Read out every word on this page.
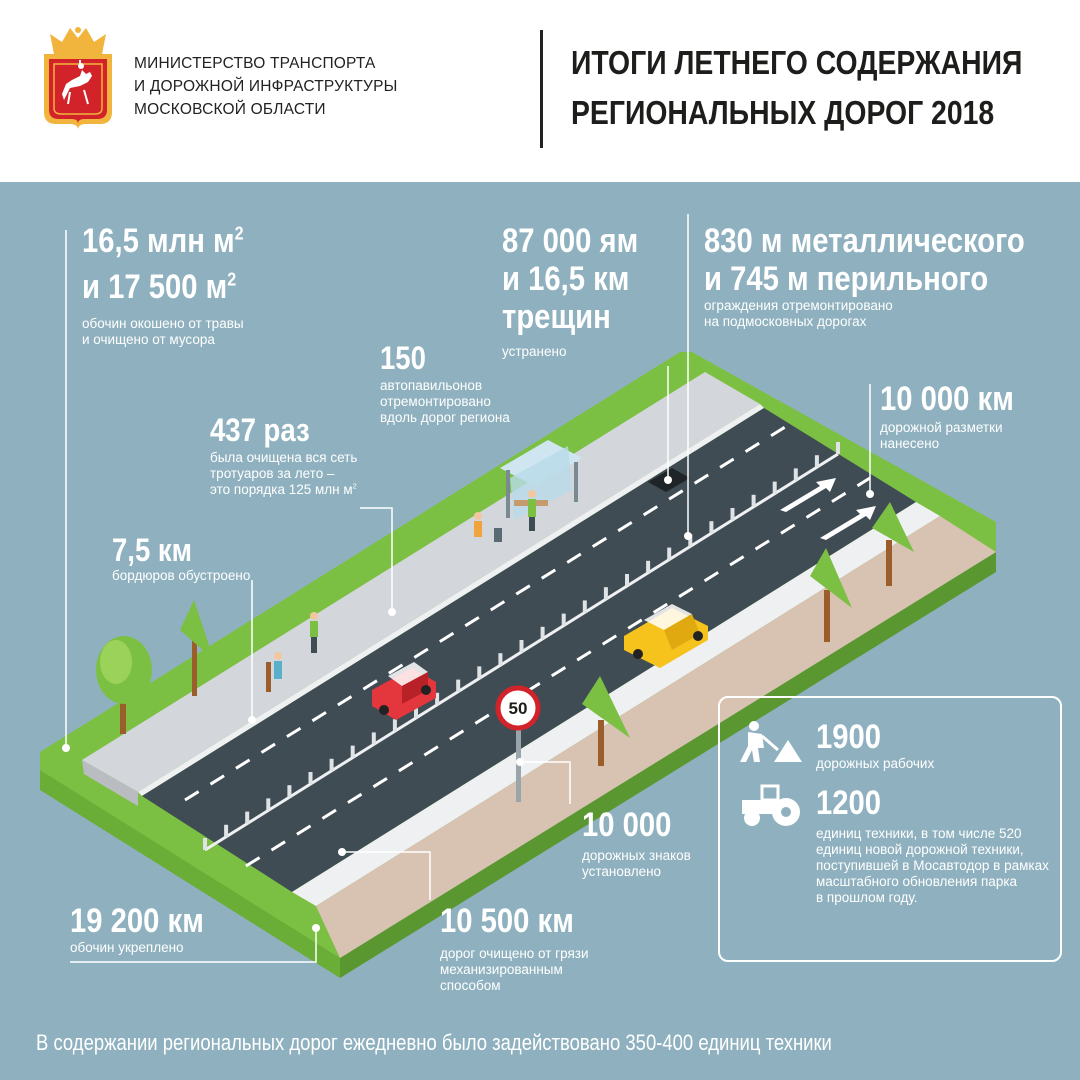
МИНИСТЕРСТВО ТРАНСПОРТА
И ДОРОЖНОЙ ИНФРАСТРУКТУРЫ
МОСКОВСКОЙ ОБЛАСТИ
ИТОГИ ЛЕТНЕГО СОДЕРЖАНИЯ
РЕГИОНАЛЬНЫХ ДОРОГ 2018
50
16,5 млн $м^2$
и 17 500 $м^2$
обочин окошено от травы
и очищено от мусора
87 000 ям
и 16,5 км
трещин
устранено
830 м металлического
и 745 м перильного
ограждения отремонтировано
на подмосковных дорогах
150
автопавильонов
отремонтировано
вдоль дорог региона
437 раз
была очищена вся сеть
тротуаров за лето –
это порядка 125 млн $м^2$
7,5 км
бордюров обустроено
10 000 км
дорожной разметки
нанесено
10 000
дорожных знаков
установлено
19 200 км
обочин укреплено
10 500 км
дорог очищено от грязи
механизированным
способом
1900
дорожных рабочих
1200
единиц техники, в том числе 520
единиц новой дорожной техники,
поступившей в Мосавтодор в рамках
масштабного обновления парка
в прошлом году.
В содержании региональных дорог ежедневно было задействовано 350-400 единиц техники
